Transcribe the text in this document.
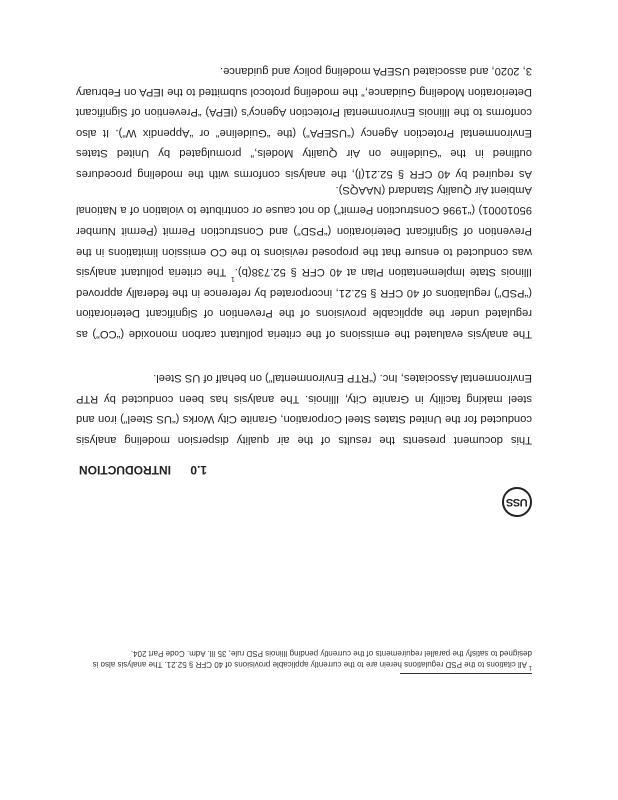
USS
1.0INTRODUCTION

This document presents the results of the air quality dispersion modeling analysis conducted for the United States Steel Corporation, Granite City Works (“US Steel”) iron and steel making facility in Granite City, Illinois. The analysis has been conducted by RTP Environmental Associates, Inc. (“RTP Environmental”) on behalf of US Steel.

The analysis evaluated the emissions of the criteria pollutant carbon monoxide (“CO”) as regulated under the applicable provisions of the Prevention of Significant Deterioration (“PSD”) regulations of 40 CFR § 52.21, incorporated by reference in the federally approved Illinois State Implementation Plan at 40 CFR § 52.738(b).$^1$ The criteria pollutant analysis was conducted to ensure that the proposed revisions to the CO emission limitations in the Prevention of Significant Deterioration (“PSD”) and Construction Permit (Permit Number 95010001) (“1996 Construction Permit”) do not cause or contribute to violation of a National Ambient Air Quality Standard (NAAQS).

As required by 40 CFR § 52.21(l), the analysis conforms with the modeling procedures outlined in the “Guideline on Air Quality Models,” promulgated by United States Environmental Protection Agency (“USEPA”) (the “Guideline” or “Appendix W”). It also conforms to the Illinois Environmental Protection Agency’s (IEPA) “Prevention of Significant Deterioration Modeling Guidance,” the modeling protocol submitted to the IEPA on February 3, 2020, and associated USEPA modeling policy and guidance.

$^1$ All citations to the PSD regulations herein are to the currently applicable provisions of 40 CFR § 52.21. The analysis also is designed to satisfy the parallel requirements of the currently pending Illinois PSD rule, 35 Ill. Adm. Code Part 204.
